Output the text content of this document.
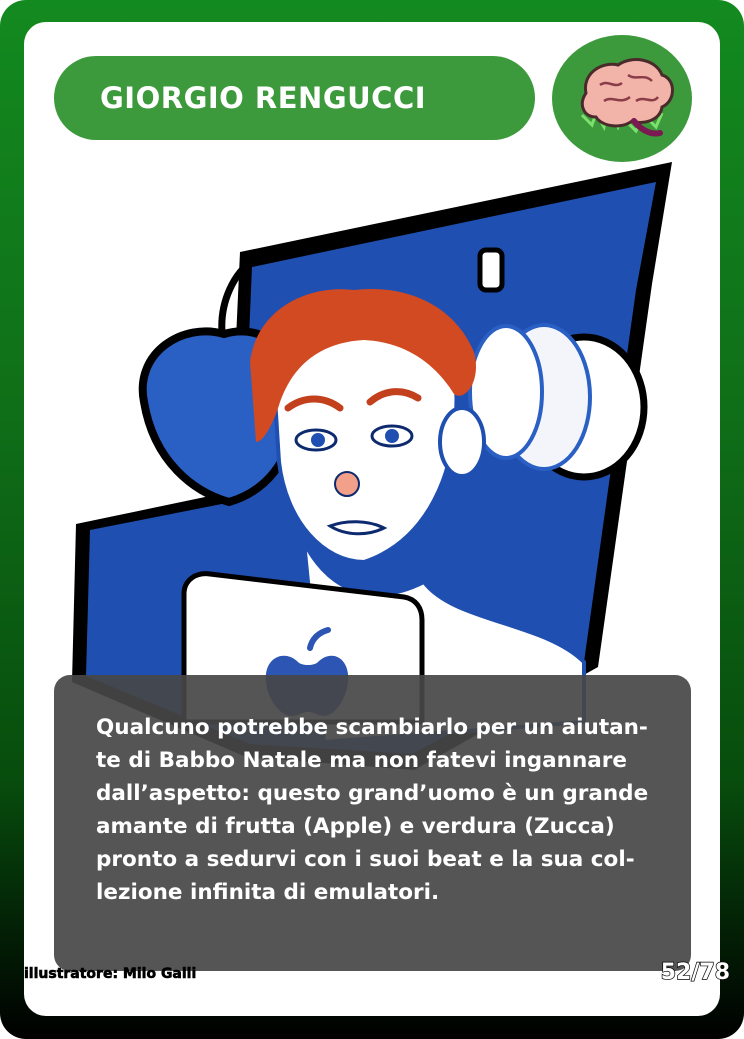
GIORGIO RENGUCCI

Qualcuno potrebbe scambiarlo per un aiutan-te di Babbo Natale ma non fatevi ingannare dall’aspetto: questo grand’uomo è un grande amante di frutta (Apple) e verdura (Zucca) pronto a sedurvi con i suoi beat e la sua col-lezione infinita di emulatori.

illustratore: Milo Galli	52/78
